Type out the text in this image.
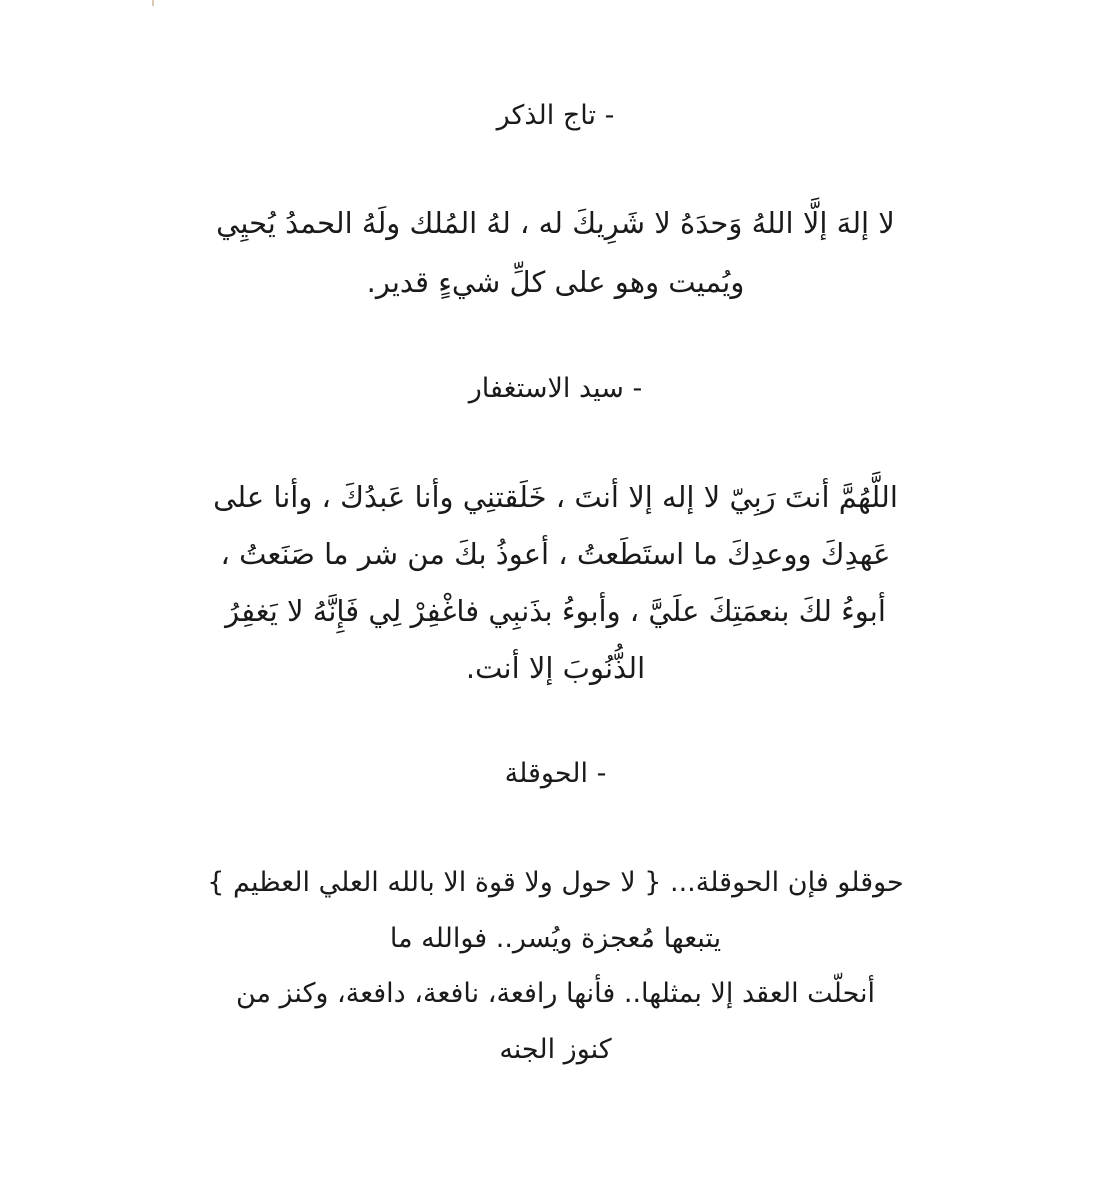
- تاج الذكر
لا إلهَ إلَّا اللهُ وَحدَهُ لا شَرِيكَ له ، لهُ المُلك ولَهُ الحمدُ يُحيِي
ويُميت وهو على كلِّ شيءٍ قدير.
- سيد الاستغفار
اللَّهُمَّ أنتَ رَبِيّ لا إله إلا أنتَ ، خَلَقتنِي وأنا عَبدُكَ ، وأنا على
عَهدِكَ ووعدِكَ ما استَطَعتُ ، أعوذُ بكَ من شر ما صَنَعتُ ،
أبوءُ لكَ بنعمَتِكَ علَيَّ ، وأبوءُ بذَنبِي فاغْفِرْ لِي فَإِنَّهُ لا يَغفِرُ
الذُّنُوبَ إلا أنت.
- الحوقلة
حوقلو فإن الحوقلة... { لا حول ولا قوة الا بالله العلي العظيم }
يتبعها مُعجزة ويُسر.. فوالله ما
أنحلّت العقد إلا بمثلها.. فأنها رافعة، نافعة، دافعة، وكنز من
كنوز الجنه
